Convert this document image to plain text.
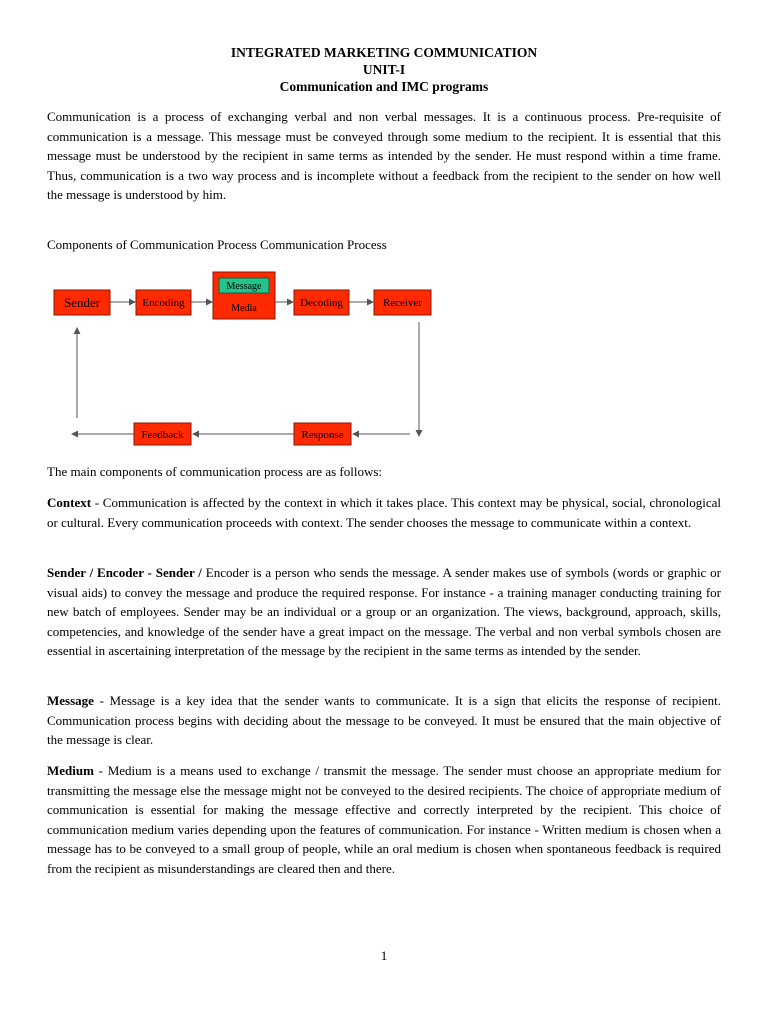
INTEGRATED MARKETING COMMUNICATION
UNIT-I
Communication and IMC programs
Communication is a process of exchanging verbal and non verbal messages. It is a continuous process. Pre-requisite of communication is a message. This message must be conveyed through some medium to the recipient. It is essential that this message must be understood by the recipient in same terms as intended by the sender. He must respond within a time frame. Thus, communication is a two way process and is incomplete without a feedback from the recipient to the sender on how well the message is understood by him.
Components of Communication Process Communication Process
Sender	Encoding
Message
Media	Decoding	Receiver
Response
Feedback
The main components of communication process are as follows:
Context - Communication is affected by the context in which it takes place. This context may be physical, social, chronological or cultural. Every communication proceeds with context. The sender chooses the message to communicate within a context.
Sender / Encoder - Sender / Encoder is a person who sends the message. A sender makes use of symbols (words or graphic or visual aids) to convey the message and produce the required response. For instance - a training manager conducting training for new batch of employees. Sender may be an individual or a group or an organization. The views, background, approach, skills, competencies, and knowledge of the sender have a great impact on the message. The verbal and non verbal symbols chosen are essential in ascertaining interpretation of the message by the recipient in the same terms as intended by the sender.
Message - Message is a key idea that the sender wants to communicate. It is a sign that elicits the response of recipient. Communication process begins with deciding about the message to be conveyed. It must be ensured that the main objective of the message is clear.
Medium - Medium is a means used to exchange / transmit the message. The sender must choose an appropriate medium for transmitting the message else the message might not be conveyed to the desired recipients. The choice of appropriate medium of communication is essential for making the message effective and correctly interpreted by the recipient. This choice of communication medium varies depending upon the features of communication. For instance - Written medium is chosen when a message has to be conveyed to a small group of people, while an oral medium is chosen when spontaneous feedback is required from the recipient as misunderstandings are cleared then and there.
1
